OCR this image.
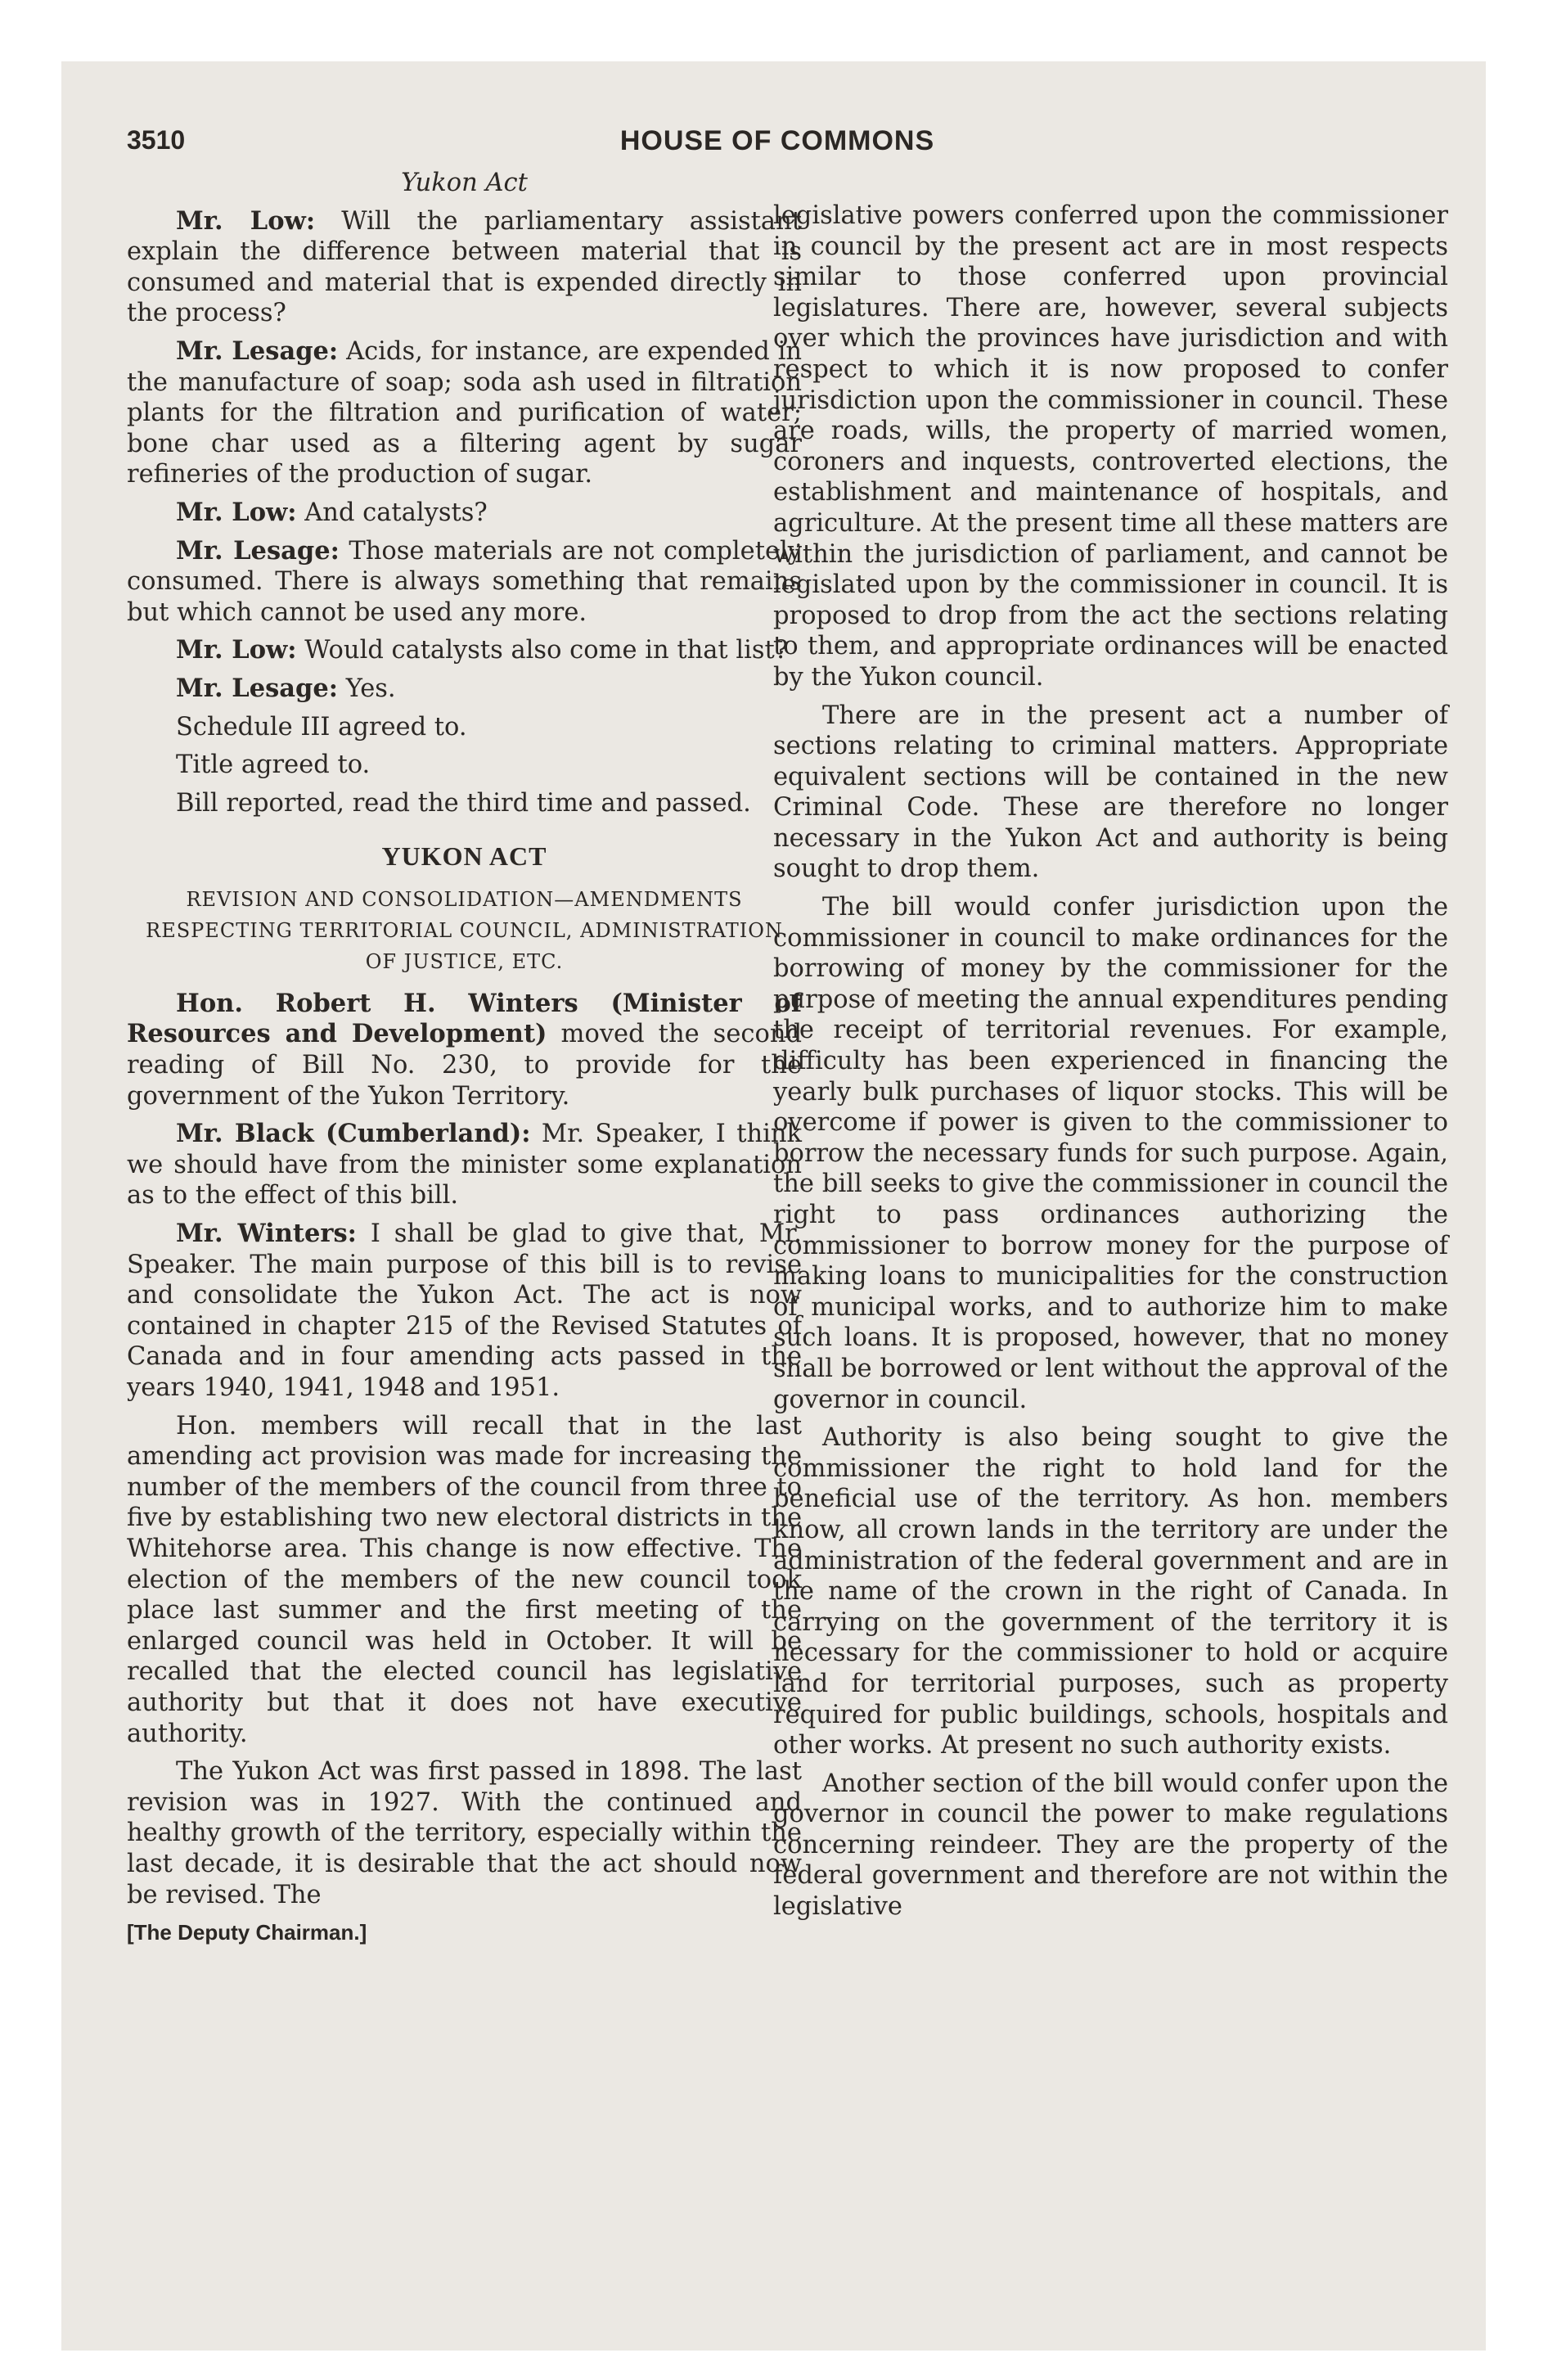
3510	HOUSE OF COMMONS

Yukon Act

Mr. Low: Will the parliamentary assistant explain the difference between material that is consumed and material that is expended directly in the process?

Mr. Lesage: Acids, for instance, are expended in the manufacture of soap; soda ash used in filtration plants for the filtration and purification of water; bone char used as a filtering agent by sugar refineries of the production of sugar.

Mr. Low: And catalysts?

Mr. Lesage: Those materials are not completely consumed. There is always something that remains but which cannot be used any more.

Mr. Low: Would catalysts also come in that list?

Mr. Lesage: Yes.

Schedule III agreed to.

Title agreed to.

Bill reported, read the third time and passed.

YUKON ACT
REVISION AND CONSOLIDATION—AMENDMENTS RESPECTING TERRITORIAL COUNCIL, ADMINISTRATION OF JUSTICE, ETC.

Hon. Robert H. Winters (Minister of Resources and Development) moved the second reading of Bill No. 230, to provide for the government of the Yukon Territory.

Mr. Black (Cumberland): Mr. Speaker, I think we should have from the minister some explanation as to the effect of this bill.

Mr. Winters: I shall be glad to give that, Mr. Speaker. The main purpose of this bill is to revise and consolidate the Yukon Act. The act is now contained in chapter 215 of the Revised Statutes of Canada and in four amending acts passed in the years 1940, 1941, 1948 and 1951.

Hon. members will recall that in the last amending act provision was made for increasing the number of the members of the council from three to five by establishing two new electoral districts in the Whitehorse area. This change is now effective. The election of the members of the new council took place last summer and the first meeting of the enlarged council was held in October. It will be recalled that the elected council has legislative authority but that it does not have executive authority.

The Yukon Act was first passed in 1898. The last revision was in 1927. With the continued and healthy growth of the territory, especially within the last decade, it is desirable that the act should now be revised. The

[The Deputy Chairman.]

legislative powers conferred upon the commissioner in council by the present act are in most respects similar to those conferred upon provincial legislatures. There are, however, several subjects over which the provinces have jurisdiction and with respect to which it is now proposed to confer jurisdiction upon the commissioner in council. These are roads, wills, the property of married women, coroners and inquests, controverted elections, the establishment and maintenance of hospitals, and agriculture. At the present time all these matters are within the jurisdiction of parliament, and cannot be legislated upon by the commissioner in council. It is proposed to drop from the act the sections relating to them, and appropriate ordinances will be enacted by the Yukon council.

There are in the present act a number of sections relating to criminal matters. Appropriate equivalent sections will be contained in the new Criminal Code. These are therefore no longer necessary in the Yukon Act and authority is being sought to drop them.

The bill would confer jurisdiction upon the commissioner in council to make ordinances for the borrowing of money by the commissioner for the purpose of meeting the annual expenditures pending the receipt of territorial revenues. For example, difficulty has been experienced in financing the yearly bulk purchases of liquor stocks. This will be overcome if power is given to the commissioner to borrow the necessary funds for such purpose. Again, the bill seeks to give the commissioner in council the right to pass ordinances authorizing the commissioner to borrow money for the purpose of making loans to municipalities for the construction of municipal works, and to authorize him to make such loans. It is proposed, however, that no money shall be borrowed or lent without the approval of the governor in council.

Authority is also being sought to give the commissioner the right to hold land for the beneficial use of the territory. As hon. members know, all crown lands in the territory are under the administration of the federal government and are in the name of the crown in the right of Canada. In carrying on the government of the territory it is necessary for the commissioner to hold or acquire land for territorial purposes, such as property required for public buildings, schools, hospitals and other works. At present no such authority exists.

Another section of the bill would confer upon the governor in council the power to make regulations concerning reindeer. They are the property of the federal government and therefore are not within the legislative
